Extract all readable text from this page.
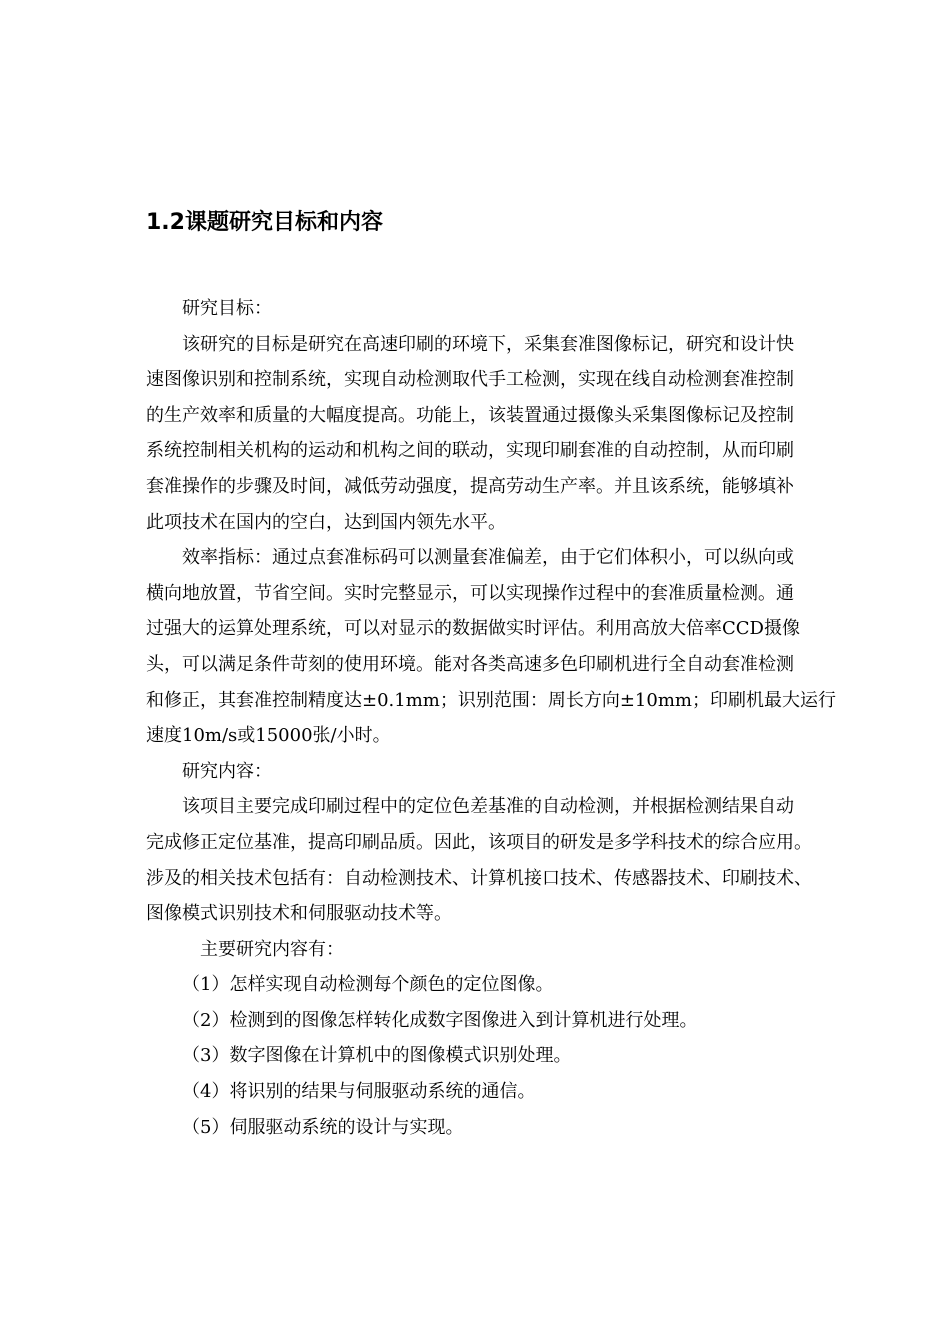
1.2课题研究目标和内容
研究目标：
该研究的目标是研究在高速印刷的环境下，采集套准图像标记，研究和设计快
速图像识别和控制系统，实现自动检测取代手工检测，实现在线自动检测套准控制
的生产效率和质量的大幅度提高。功能上，该装置通过摄像头采集图像标记及控制
系统控制相关机构的运动和机构之间的联动，实现印刷套准的自动控制，从而印刷
套准操作的步骤及时间，减低劳动强度，提高劳动生产率。并且该系统，能够填补
此项技术在国内的空白，达到国内领先水平。
效率指标：通过点套准标码可以测量套准偏差，由于它们体积小，可以纵向或
横向地放置，节省空间。实时完整显示，可以实现操作过程中的套准质量检测。通
过强大的运算处理系统，可以对显示的数据做实时评估。利用高放大倍率CCD摄像
头，可以满足条件苛刻的使用环境。能对各类高速多色印刷机进行全自动套准检测
和修正，其套准控制精度达±0.1mm；识别范围：周长方向±10mm；印刷机最大运行
速度10m/s或15000张/小时。
研究内容：
该项目主要完成印刷过程中的定位色差基准的自动检测，并根据检测结果自动
完成修正定位基准，提高印刷品质。因此，该项目的研发是多学科技术的综合应用。
涉及的相关技术包括有：自动检测技术、计算机接口技术、传感器技术、印刷技术、
图像模式识别技术和伺服驱动技术等。
主要研究内容有：
（1）怎样实现自动检测每个颜色的定位图像。
（2）检测到的图像怎样转化成数字图像进入到计算机进行处理。
（3）数字图像在计算机中的图像模式识别处理。
（4）将识别的结果与伺服驱动系统的通信。
（5）伺服驱动系统的设计与实现。
